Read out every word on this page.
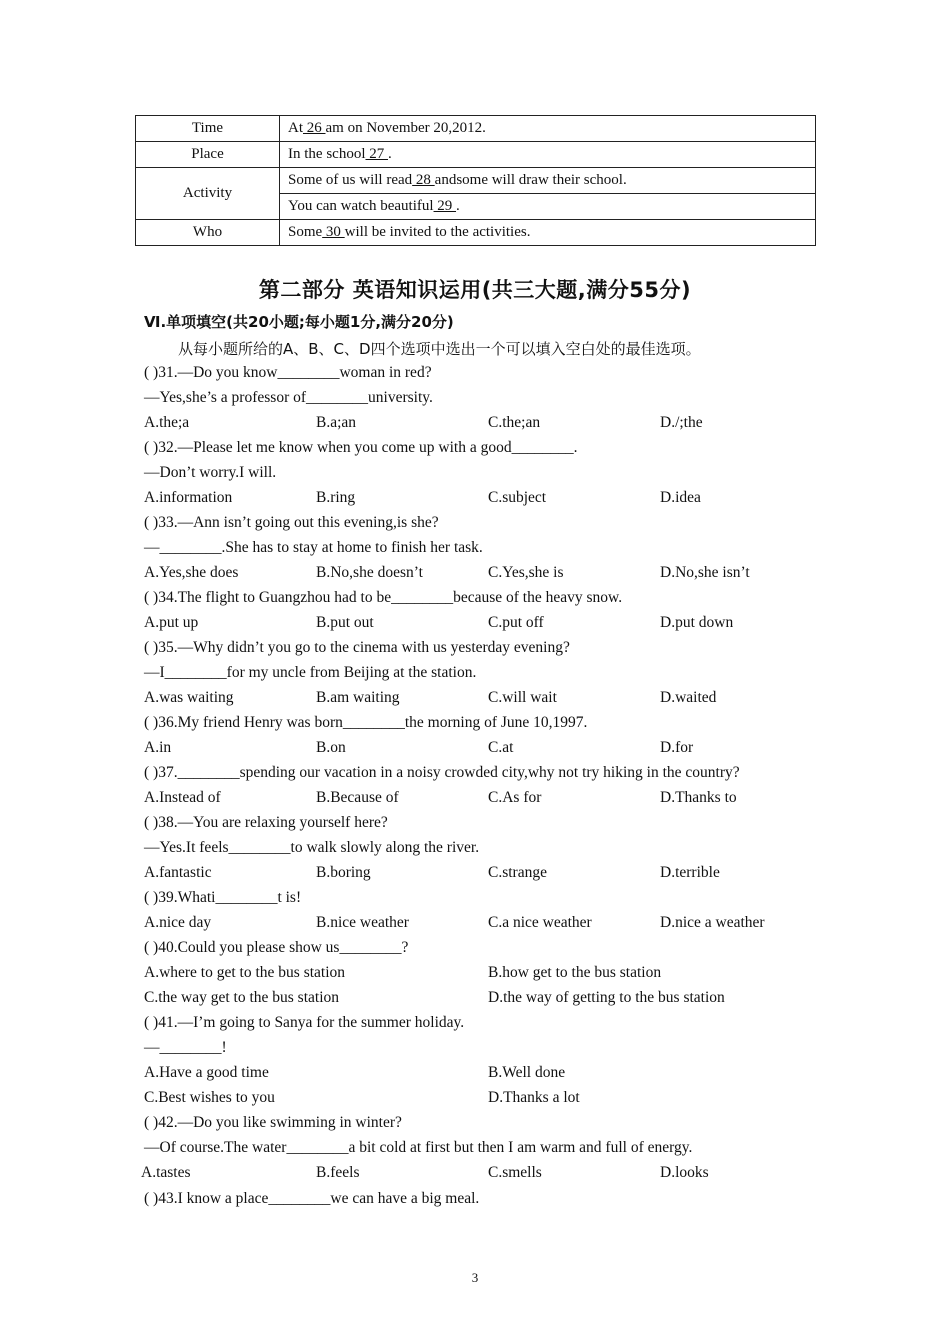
Time	At 26 am on November 20,2012.
Place	In the school 27 .
Activity	Some of us will read 28 andsome will draw their school.
	You can watch beautiful 29 .
Who	Some 30 will be invited to the activities.
第二部分 英语知识运用(共三大题,满分55分)
Ⅵ.单项填空(共20小题;每小题1分,满分20分)
从每小题所给的A、B、C、D四个选项中选出一个可以填入空白处的最佳选项。
( )31.—Do you know________woman in red?
—Yes,she’s a professor of________university.
A.the;a	B.a;an	C.the;an	D./;the
( )32.—Please let me know when you come up with a good________.
—Don’t worry.I will.
A.information	B.ring	C.subject	D.idea
( )33.—Ann isn’t going out this evening,is she?
—________.She has to stay at home to finish her task.
A.Yes,she does	B.No,she doesn’t	C.Yes,she is	D.No,she isn’t
( )34.The flight to Guangzhou had to be________because of the heavy snow.
A.put up	B.put out	C.put off	D.put down
( )35.—Why didn’t you go to the cinema with us yesterday evening?
—I________for my uncle from Beijing at the station.
A.was waiting	B.am waiting	C.will wait	D.waited
( )36.My friend Henry was born________the morning of June 10,1997.
A.in	B.on	C.at	D.for
( )37.________spending our vacation in a noisy crowded city,why not try hiking in the country?
A.Instead of	B.Because of	C.As for	D.Thanks to
( )38.—You are relaxing yourself here?
—Yes.It feels________to walk slowly along the river.
A.fantastic	B.boring	C.strange	D.terrible
( )39.Whati________t is!
A.nice day	B.nice weather	C.a nice weather	D.nice a weather
( )40.Could you please show us________?
A.where to get to the bus station	B.how get to the bus station
C.the way get to the bus station	D.the way of getting to the bus station
( )41.—I’m going to Sanya for the summer holiday.
—________!
A.Have a good time	B.Well done
C.Best wishes to you	D.Thanks a lot
( )42.—Do you like swimming in winter?
—Of course.The water________a bit cold at first but then I am warm and full of energy.
A.tastes	B.feels	C.smells	D.looks
( )43.I know a place________we can have a big meal.
3
